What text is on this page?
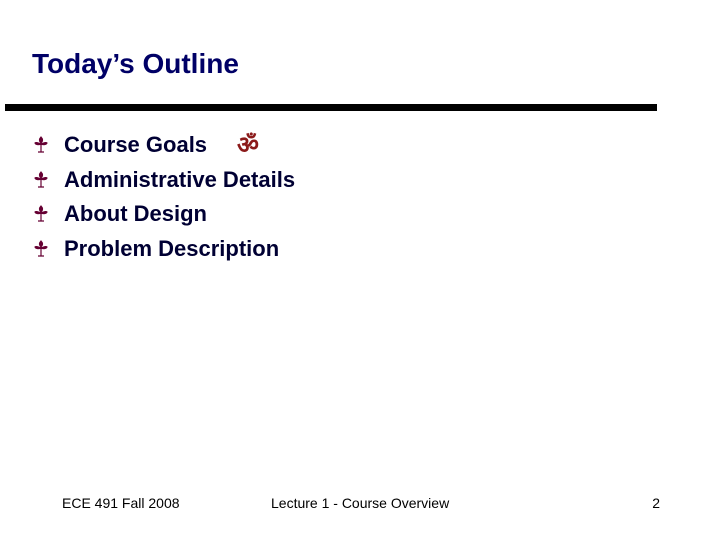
Today’s Outline
Course Goals ॐ
Administrative Details
About Design
Problem Description
ECE 491 Fall 2008	Lecture 1 - Course Overview	2
